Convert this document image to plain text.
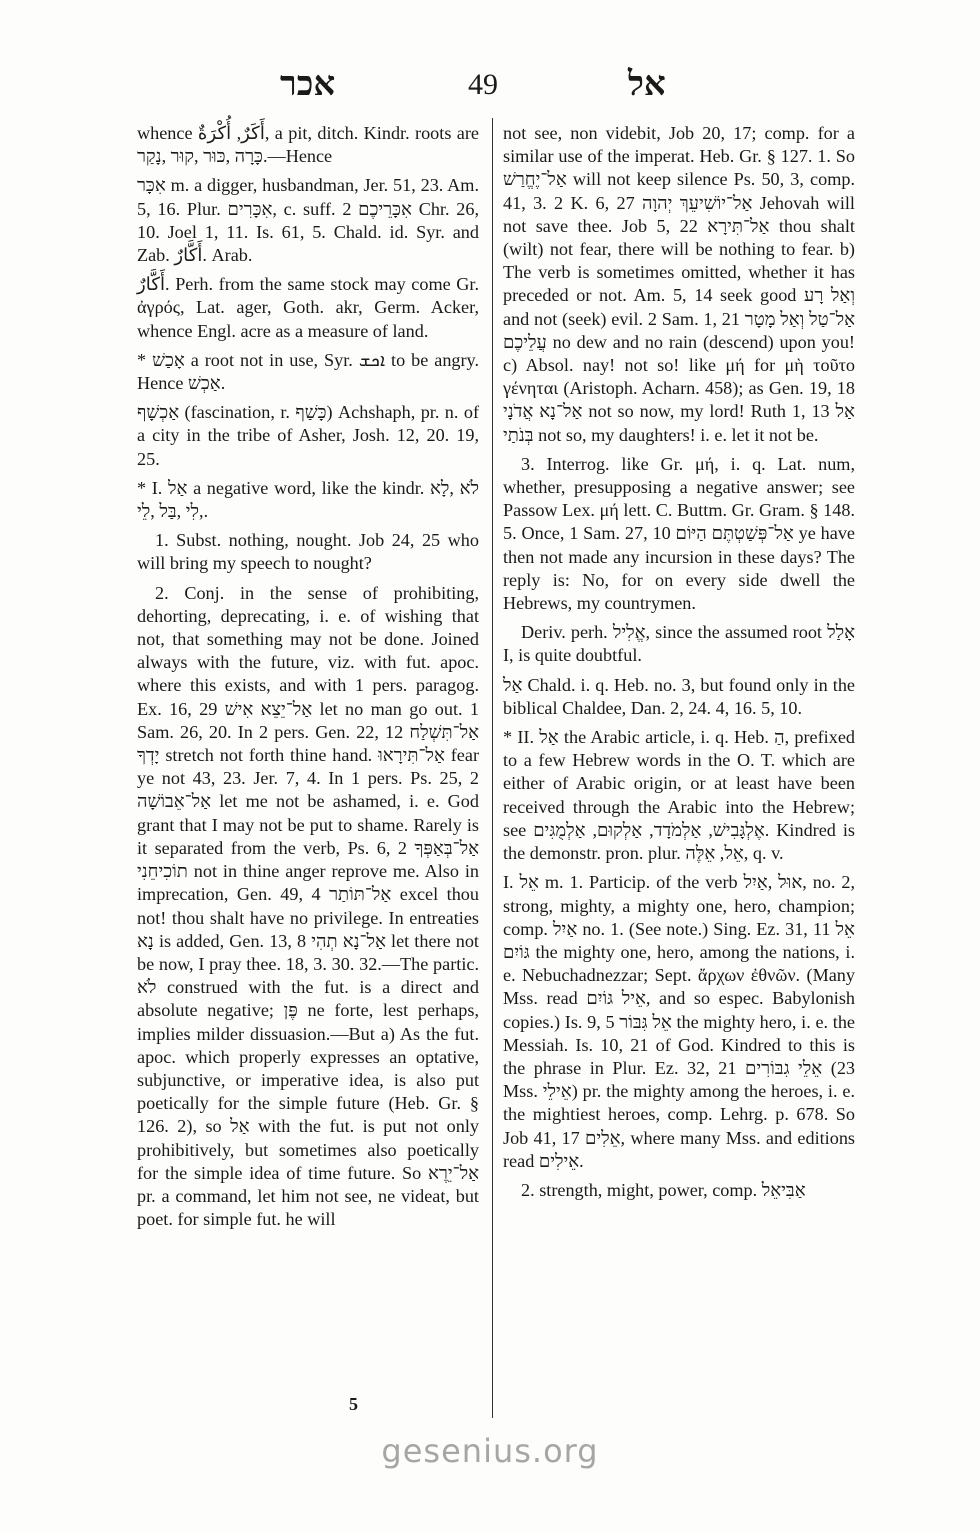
אכר	49	אל

whence أَكَرٌ, أُكْرَةٌ, a pit, ditch. Kindr. roots are כָּרָה ,כּוּר ,קוּר ,נָקַר.—Hence

אִכָּר m. a digger, husbandman, Jer. 51, 23. Am. 5, 16. Plur. אִכָּרִים, c. suff. אִכָּרֵיכֶם 2 Chr. 26, 10. Joel 1, 11. Is. 61, 5. Chald. id. Syr. and Zab. أَكَّارٌ. Arab.

أَكَّارٌ. Perh. from the same stock may come Gr. ἀγρός, Lat. ager, Goth. akr, Germ. Acker, whence Engl. acre as a measure of land.

* אָכַשׁ a root not in use, Syr. ܐܟܫ to be angry. Hence אַכְשׁ.

אַכְשָׁף (fascination, r. כָּשַׁף) Achshaph, pr. n. of a city in the tribe of Asher, Josh. 12, 20. 19, 25.

* I. אַל a negative word, like the kindr. לֹא ,לָא ,לִי ,בַּל ,לֵי.

1. Subst. nothing, nought. Job 24, 25 who will bring my speech to nought?

2. Conj. in the sense of prohibiting, dehorting, deprecating, i. e. of wishing that not, that something may not be done. Joined always with the future, viz. with fut. apoc. where this exists, and with 1 pers. paragog. Ex. 16, 29 אַל־יֵצֵא אִישׁ let no man go out. 1 Sam. 26, 20. In 2 pers. Gen. 22, 12 אַל־תִּשְׁלַח יָדְךָ stretch not forth thine hand. אַל־תִּירָאוּ fear ye not 43, 23. Jer. 7, 4. In 1 pers. Ps. 25, 2 אַל־אֵבוֹשָׁה let me not be ashamed, i. e. God grant that I may not be put to shame. Rarely is it separated from the verb, Ps. 6, 2 אַל־בְּאַפְּךָ תוֹכִיחֵנִי not in thine anger reprove me. Also in imprecation, Gen. 49, 4 אַל־תּוֹתַר excel thou not! thou shalt have no privilege. In entreaties נָא is added, Gen. 13, 8 אַל־נָא תְהִי let there not be now, I pray thee. 18, 3. 30. 32.—The partic. לֹא construed with the fut. is a direct and absolute negative; פֶּן ne forte, lest perhaps, implies milder dissuasion.—But a) As the fut. apoc. which properly expresses an optative, subjunctive, or imperative idea, is also put poetically for the simple future (Heb. Gr. § 126. 2), so אַל with the fut. is put not only prohibitively, but sometimes also poetically for the simple idea of time future. So אַל־יֵרֶא pr. a command, let him not see, ne videat, but poet. for simple fut. he will

not see, non videbit, Job 20, 17; comp. for a similar use of the imperat. Heb. Gr. § 127. 1. So אַל־יֶחֱרַשׁ will not keep silence Ps. 50, 3, comp. 41, 3. 2 K. 6, 27 אַל־יוֹשִׁיעֵךְ יְהוָה Jehovah will not save thee. Job 5, 22 אַל־תִּירָא thou shalt (wilt) not fear, there will be nothing to fear. b) The verb is sometimes omitted, whether it has preceded or not. Am. 5, 14 seek good וְאַל רָע and not (seek) evil. 2 Sam. 1, 21 אַל־טַל וְאַל מָטָר עֲלֵיכֶם no dew and no rain (descend) upon you! c) Absol. nay! not so! like μή for μὴ τοῦτο γένηται (Aristoph. Acharn. 458); as Gen. 19, 18 אַל־נָא אֲדֹנָי not so now, my lord! Ruth 1, 13 אַל בְּנֹתַי not so, my daughters! i. e. let it not be.

3. Interrog. like Gr. μή, i. q. Lat. num, whether, presupposing a negative answer; see Passow Lex. μή lett. C. Buttm. Gr. Gram. § 148. 5. Once, 1 Sam. 27, 10 אַל־פְּשַׁטְתֶּם הַיּוֹם ye have then not made any incursion in these days? The reply is: No, for on every side dwell the Hebrews, my countrymen.

Deriv. perh. אֱלִיל, since the assumed root אָלַל I, is quite doubtful.

אַל Chald. i. q. Heb. no. 3, but found only in the biblical Chaldee, Dan. 2, 24. 4, 16. 5, 10.

* II. אַל the Arabic article, i. q. Heb. הַ, prefixed to a few Hebrew words in the O. T. which are either of Arabic origin, or at least have been received through the Arabic into the Hebrew; see אֶלְגָּבִישׁ, אַלְמֹדָד, אַלְקוּם, אַלְמֻגִּים. Kindred is the demonstr. pron. plur. אֵל, אֵלֶּה, q. v.

I. אֵל m. 1. Particip. of the verb אוּל ,אַיִל, no. 2, strong, mighty, a mighty one, hero, champion; comp. אַיִל no. 1. (See note.) Sing. Ez. 31, 11 אֵל גּוֹיִם the mighty one, hero, among the nations, i. e. Nebuchadnezzar; Sept. ἄρχων ἐθνῶν. (Many Mss. read אֵיל גּוֹיִם, and so espec. Babylonish copies.) Is. 9, 5 אֵל גִּבּוֹר the mighty hero, i. e. the Messiah. Is. 10, 21 of God. Kindred to this is the phrase in Plur. Ez. 32, 21 אֵלֵי גִבּוֹרִים (23 Mss. אֵילֵי) pr. the mighty among the heroes, i. e. the mightiest heroes, comp. Lehrg. p. 678. So Job 41, 17 אֵלִים, where many Mss. and editions read אֵילִים.

2. strength, might, power, comp. אַבִּיאֵל

5
gesenius.org
